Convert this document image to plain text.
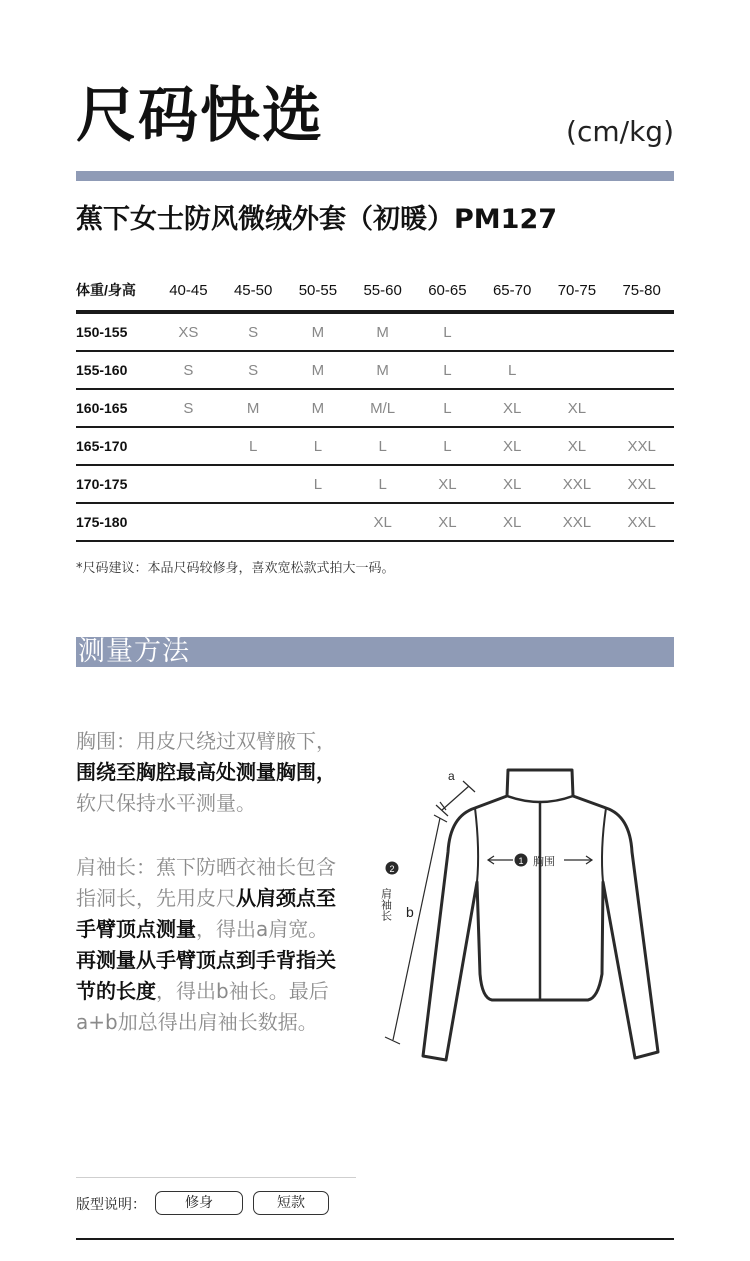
尺码快选	(cm/kg)
蕉下女士防风微绒外套（初暖）PM127
体重/身高	40-45	45-50	50-55	55-60	60-65	65-70	70-75	75-80
150-155	XS	S	M	M	L			
155-160	S	S	M	M	L	L		
160-165	S	M	M	M/L	L	XL	XL	
165-170		L	L	L	L	XL	XL	XXL
170-175			L	L	XL	XL	XXL	XXL
175-180				XL	XL	XL	XXL	XXL
*尺码建议：本品尺码较修身，喜欢宽松款式拍大一码。
测量方法
胸围：用皮尺绕过双臂腋下，围绕至胸腔最高处测量胸围，软尺保持水平测量。
肩袖长：蕉下防晒衣袖长包含指洞长，先用皮尺从肩颈点至手臂顶点测量，得出a肩宽。再测量从手臂顶点到手背指关节的长度，得出b袖长。最后a+b加总得出肩袖长数据。
1 胸围
2
肩袖长
a
b
版型说明：	修身	短款
